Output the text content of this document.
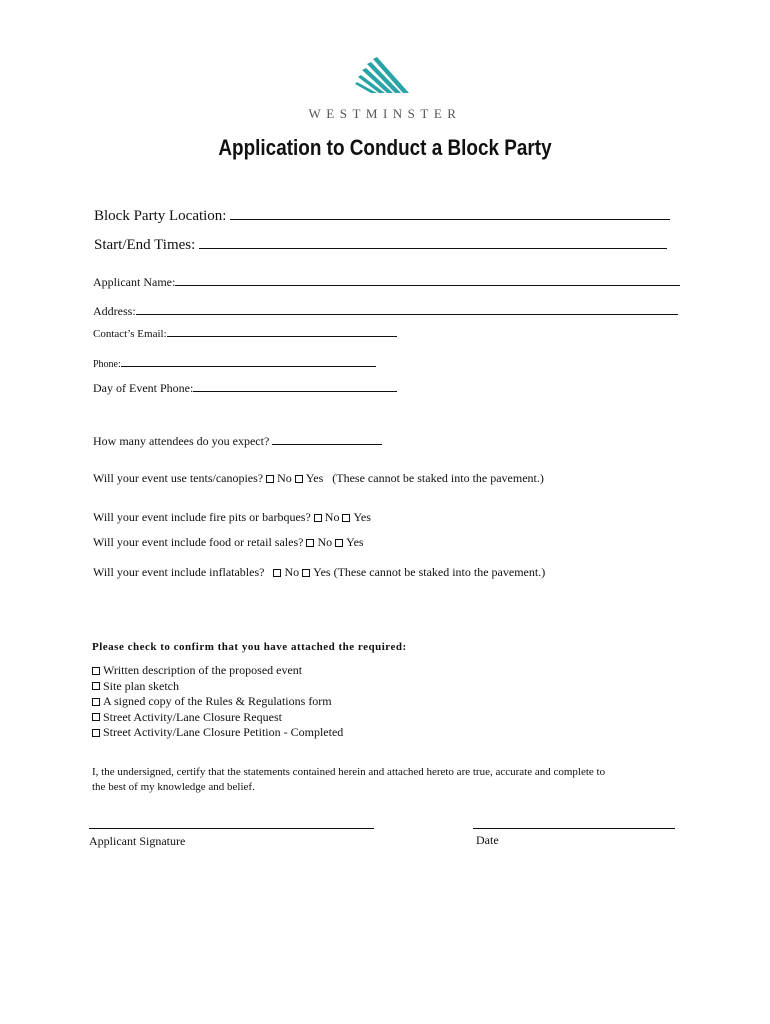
WESTMINSTER
Application to Conduct a Block Party
Block Party Location:
Start/End Times:
Applicant Name:
Address:
Contact’s Email:
Phone:
Day of Event Phone:
How many attendees do you expect?
Will your event use tents/canopies? No Yes (These cannot be staked into the pavement.)
Will your event include fire pits or barbques? No Yes
Will your event include food or retail sales? No Yes
Will your event include inflatables? No Yes (These cannot be staked into the pavement.)
Please check to confirm that you have attached the required:
Written description of the proposed event
Site plan sketch
A signed copy of the Rules & Regulations form
Street Activity/Lane Closure Request
Street Activity/Lane Closure Petition - Completed
I, the undersigned, certify that the statements contained herein and attached hereto are true, accurate and complete to
the best of my knowledge and belief.
Applicant Signature	Date
